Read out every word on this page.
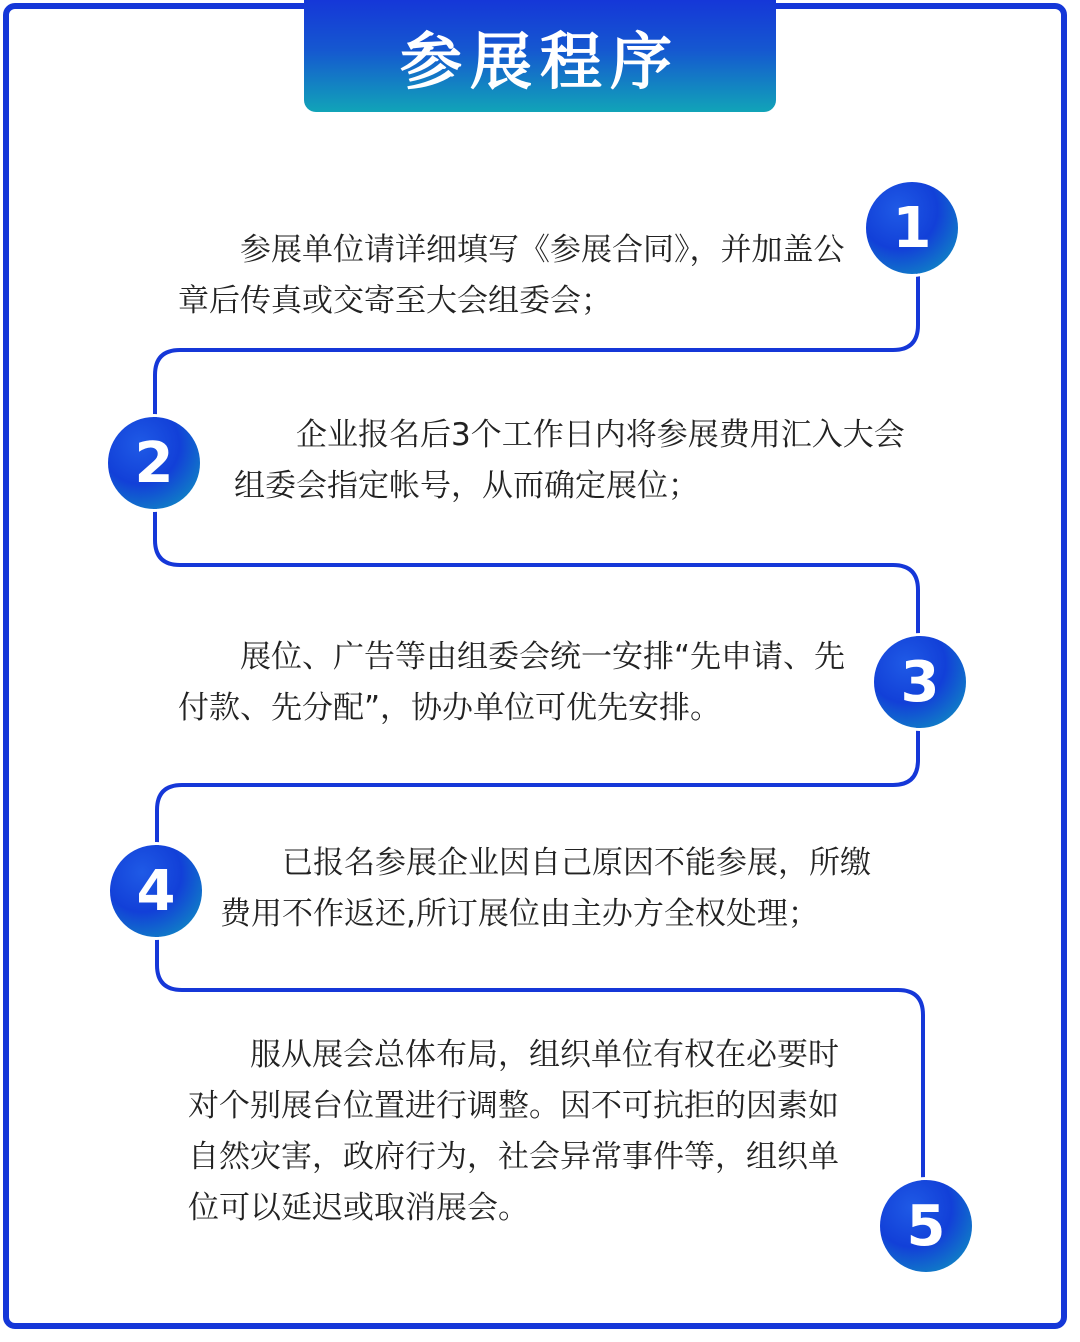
参展程序

参展单位请详细填写《参展合同》，并加盖公章后传真或交寄至大会组委会；

企业报名后3个工作日内将参展费用汇入大会组委会指定帐号，从而确定展位；

展位、广告等由组委会统一安排“先申请、先付款、先分配”，协办单位可优先安排。

已报名参展企业因自己原因不能参展，所缴费用不作返还,所订展位由主办方全权处理；

服从展会总体布局，组织单位有权在必要时对个别展台位置进行调整。因不可抗拒的因素如自然灾害，政府行为，社会异常事件等，组织单位可以延迟或取消展会。

1
2
3
4
5
